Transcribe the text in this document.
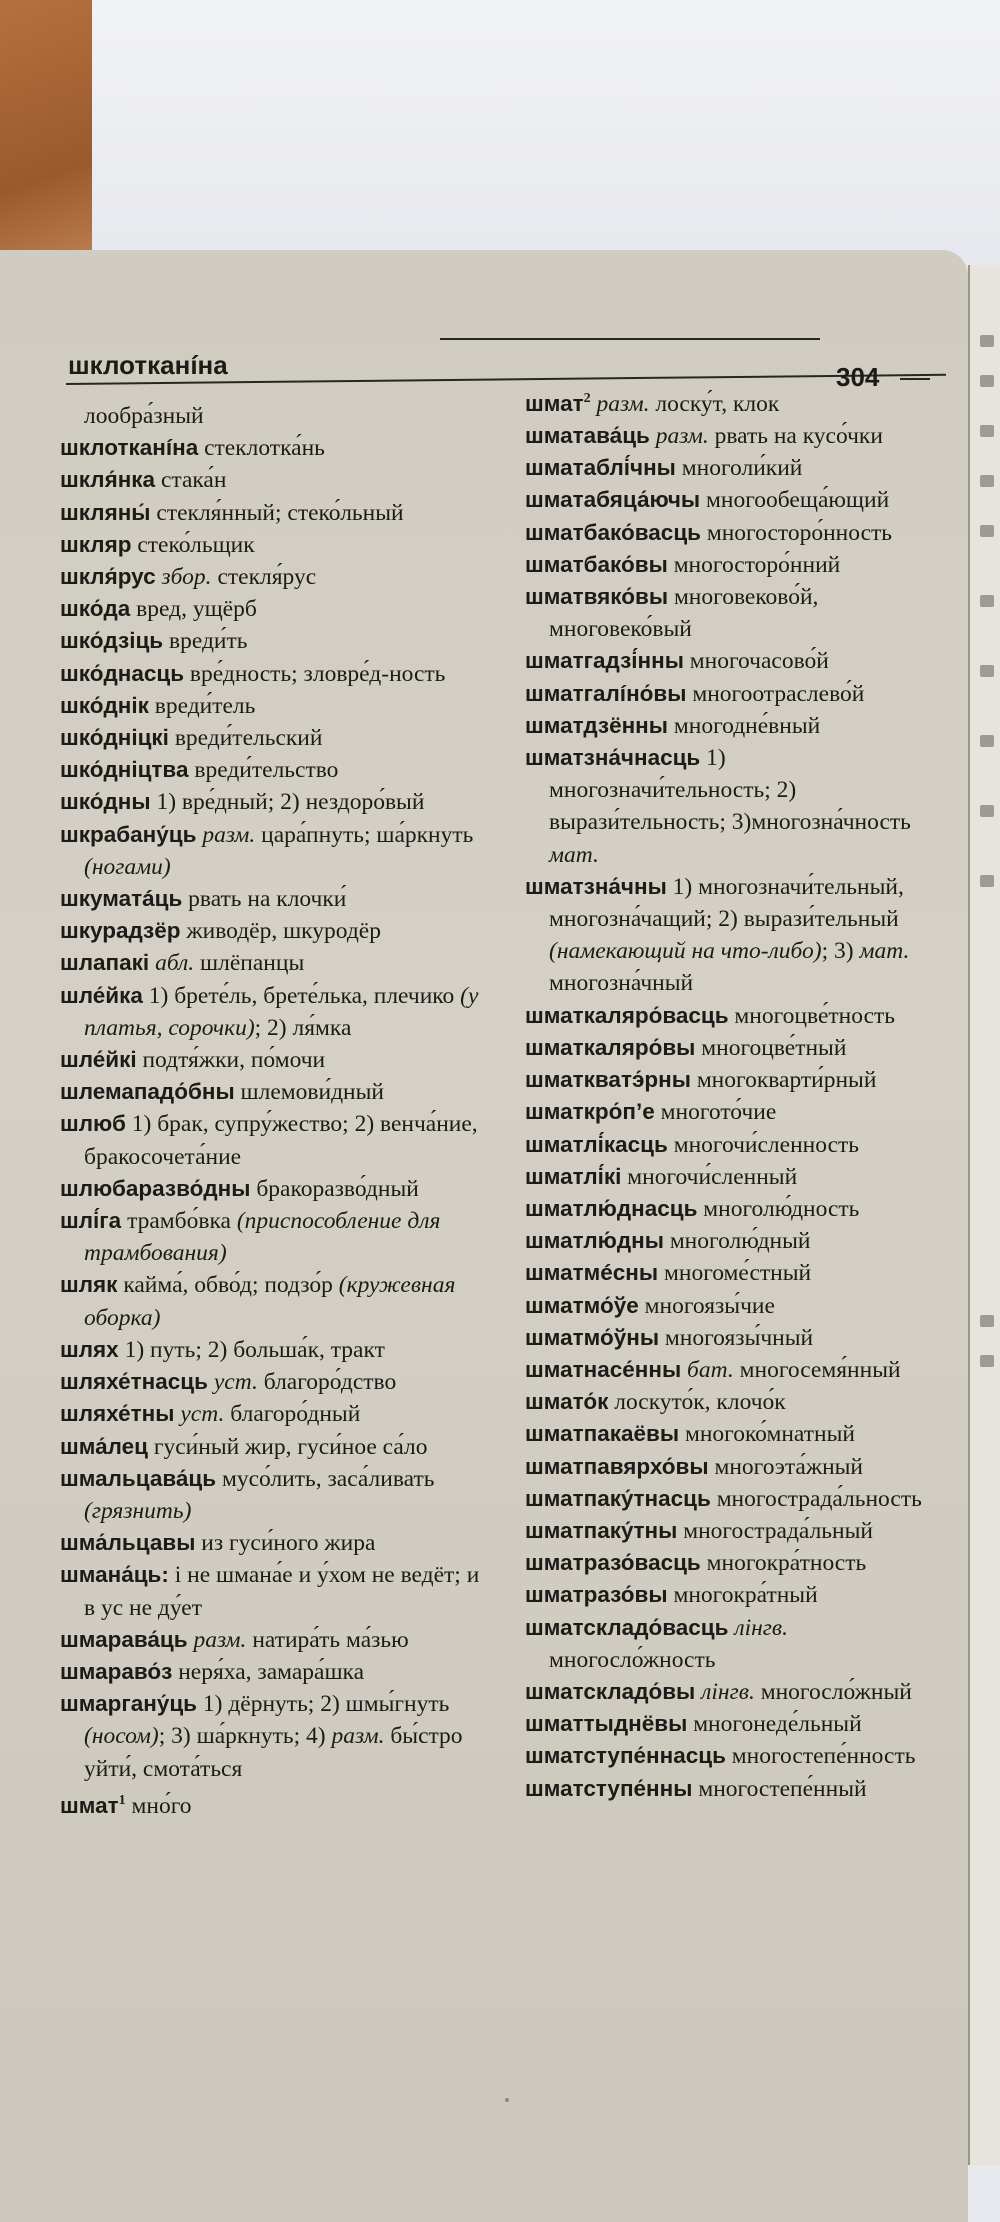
шклотканíна	304
лообра́зный
шклотканíна стеклотка́нь
шкля́нка стака́н
шкляны́ стекля́нный; стеко́льный
шкляр стеко́льщик
шкля́рус збор. стекля́рус
шко́да вред, ущёрб
шко́дзіць вреди́ть
шко́днасць вре́дность; зловре́д-ность
шко́днік вреди́тель
шко́дніцкі вреди́тельский
шко́дніцтва вреди́тельство
шко́дны 1) вре́дный; 2) нездоро́вый
шкрабану́ць разм. цара́пнуть; ша́ркнуть (ногами)
шкуматáць рвать на клочки́
шкурадзёр живодёр, шкуродёр
шлапакі абл. шлёпанцы
шле́йка 1) брете́ль, брете́лька, плечико (у платья, сорочки); 2) ля́мка
шле́йкі подтя́жки, по́мочи
шлемападо́бны шлемови́дный
шлюб 1) брак, супру́жество; 2) венча́ние, бракосочета́ние
шлюбаразво́дны бракоразво́дный
шлі́га трамбо́вка (приспособление для трамбования)
шляк кайма́, обво́д; подзо́р (кружевная оборка)
шлях 1) путь; 2) больша́к, тракт
шляхе́тнасць уст. благоро́дство
шляхе́тны уст. благоро́дный
шма́лец гуси́ный жир, гуси́ное са́ло
шмальцава́ць мусо́лить, заса́ливать (грязнить)
шма́льцавы из гуси́ного жира
шмана́ць: і не шмана́е и у́хом не ведёт; и в ус не ду́ет
шмарава́ць разм. натира́ть ма́зью
шмарaво́з неря́ха, замара́шка
шмаргану́ць 1) дёрнуть; 2) шмы́гнуть (носом); 3) ша́ркнуть; 4) разм. бы́стро уйти́, смота́ться
шмат$^1$ мно́го
шмат$^2$ разм. лоску́т, клок
шматава́ць разм. рвать на кусо́чки
шматаблі́чны многоли́кий
шматабяца́ючы многообеща́ющий
шматбако́васць многосторо́нность
шматбако́вы многосторо́нний
шматвяко́вы многовеково́й, многовеко́вый
шматгадзі́нны многочасово́й
шматгалíно́вы многоотраслево́й
шматдзённы многодне́вный
шматзна́чнасць 1) многозначи́тельность; 2) вырази́тельность; 3)многозна́чность мат.
шматзна́чны 1) многозначи́тельный, многозна́чащий; 2) вырази́тельный (намекающий на что-либо); 3) мат. многозна́чный
шматкаляро́васць многоцве́тность
шматкаляро́вы многоцве́тный
шматкватэ́рны многокварти́рный
шматкро́п’е многото́чие
шматлі́касць многочи́сленность
шматлі́кі многочи́сленный
шматлю́днасць многолю́дность
шматлю́дны многолю́дный
шматмéсны многоме́стный
шматмо́ўе многоязы́чие
шматмо́ўны многоязы́чный
шматнасе́нны бат. многосемя́нный
шмато́к лоскуто́к, клочо́к
шматпакаёвы многоко́мнатный
шматпавярхо́вы многоэта́жный
шматпаку́тнасць многострада́льность
шматпаку́тны многострада́льный
шматразо́васць многокра́тность
шматразо́вы многокра́тный
шматскладо́васць лінгв. многосло́жность
шматскладо́вы лінгв. многосло́жный
шматтыднёвы многонеде́льный
шматступе́ннасць многостепе́нность
шматступе́нны многостепе́нный
